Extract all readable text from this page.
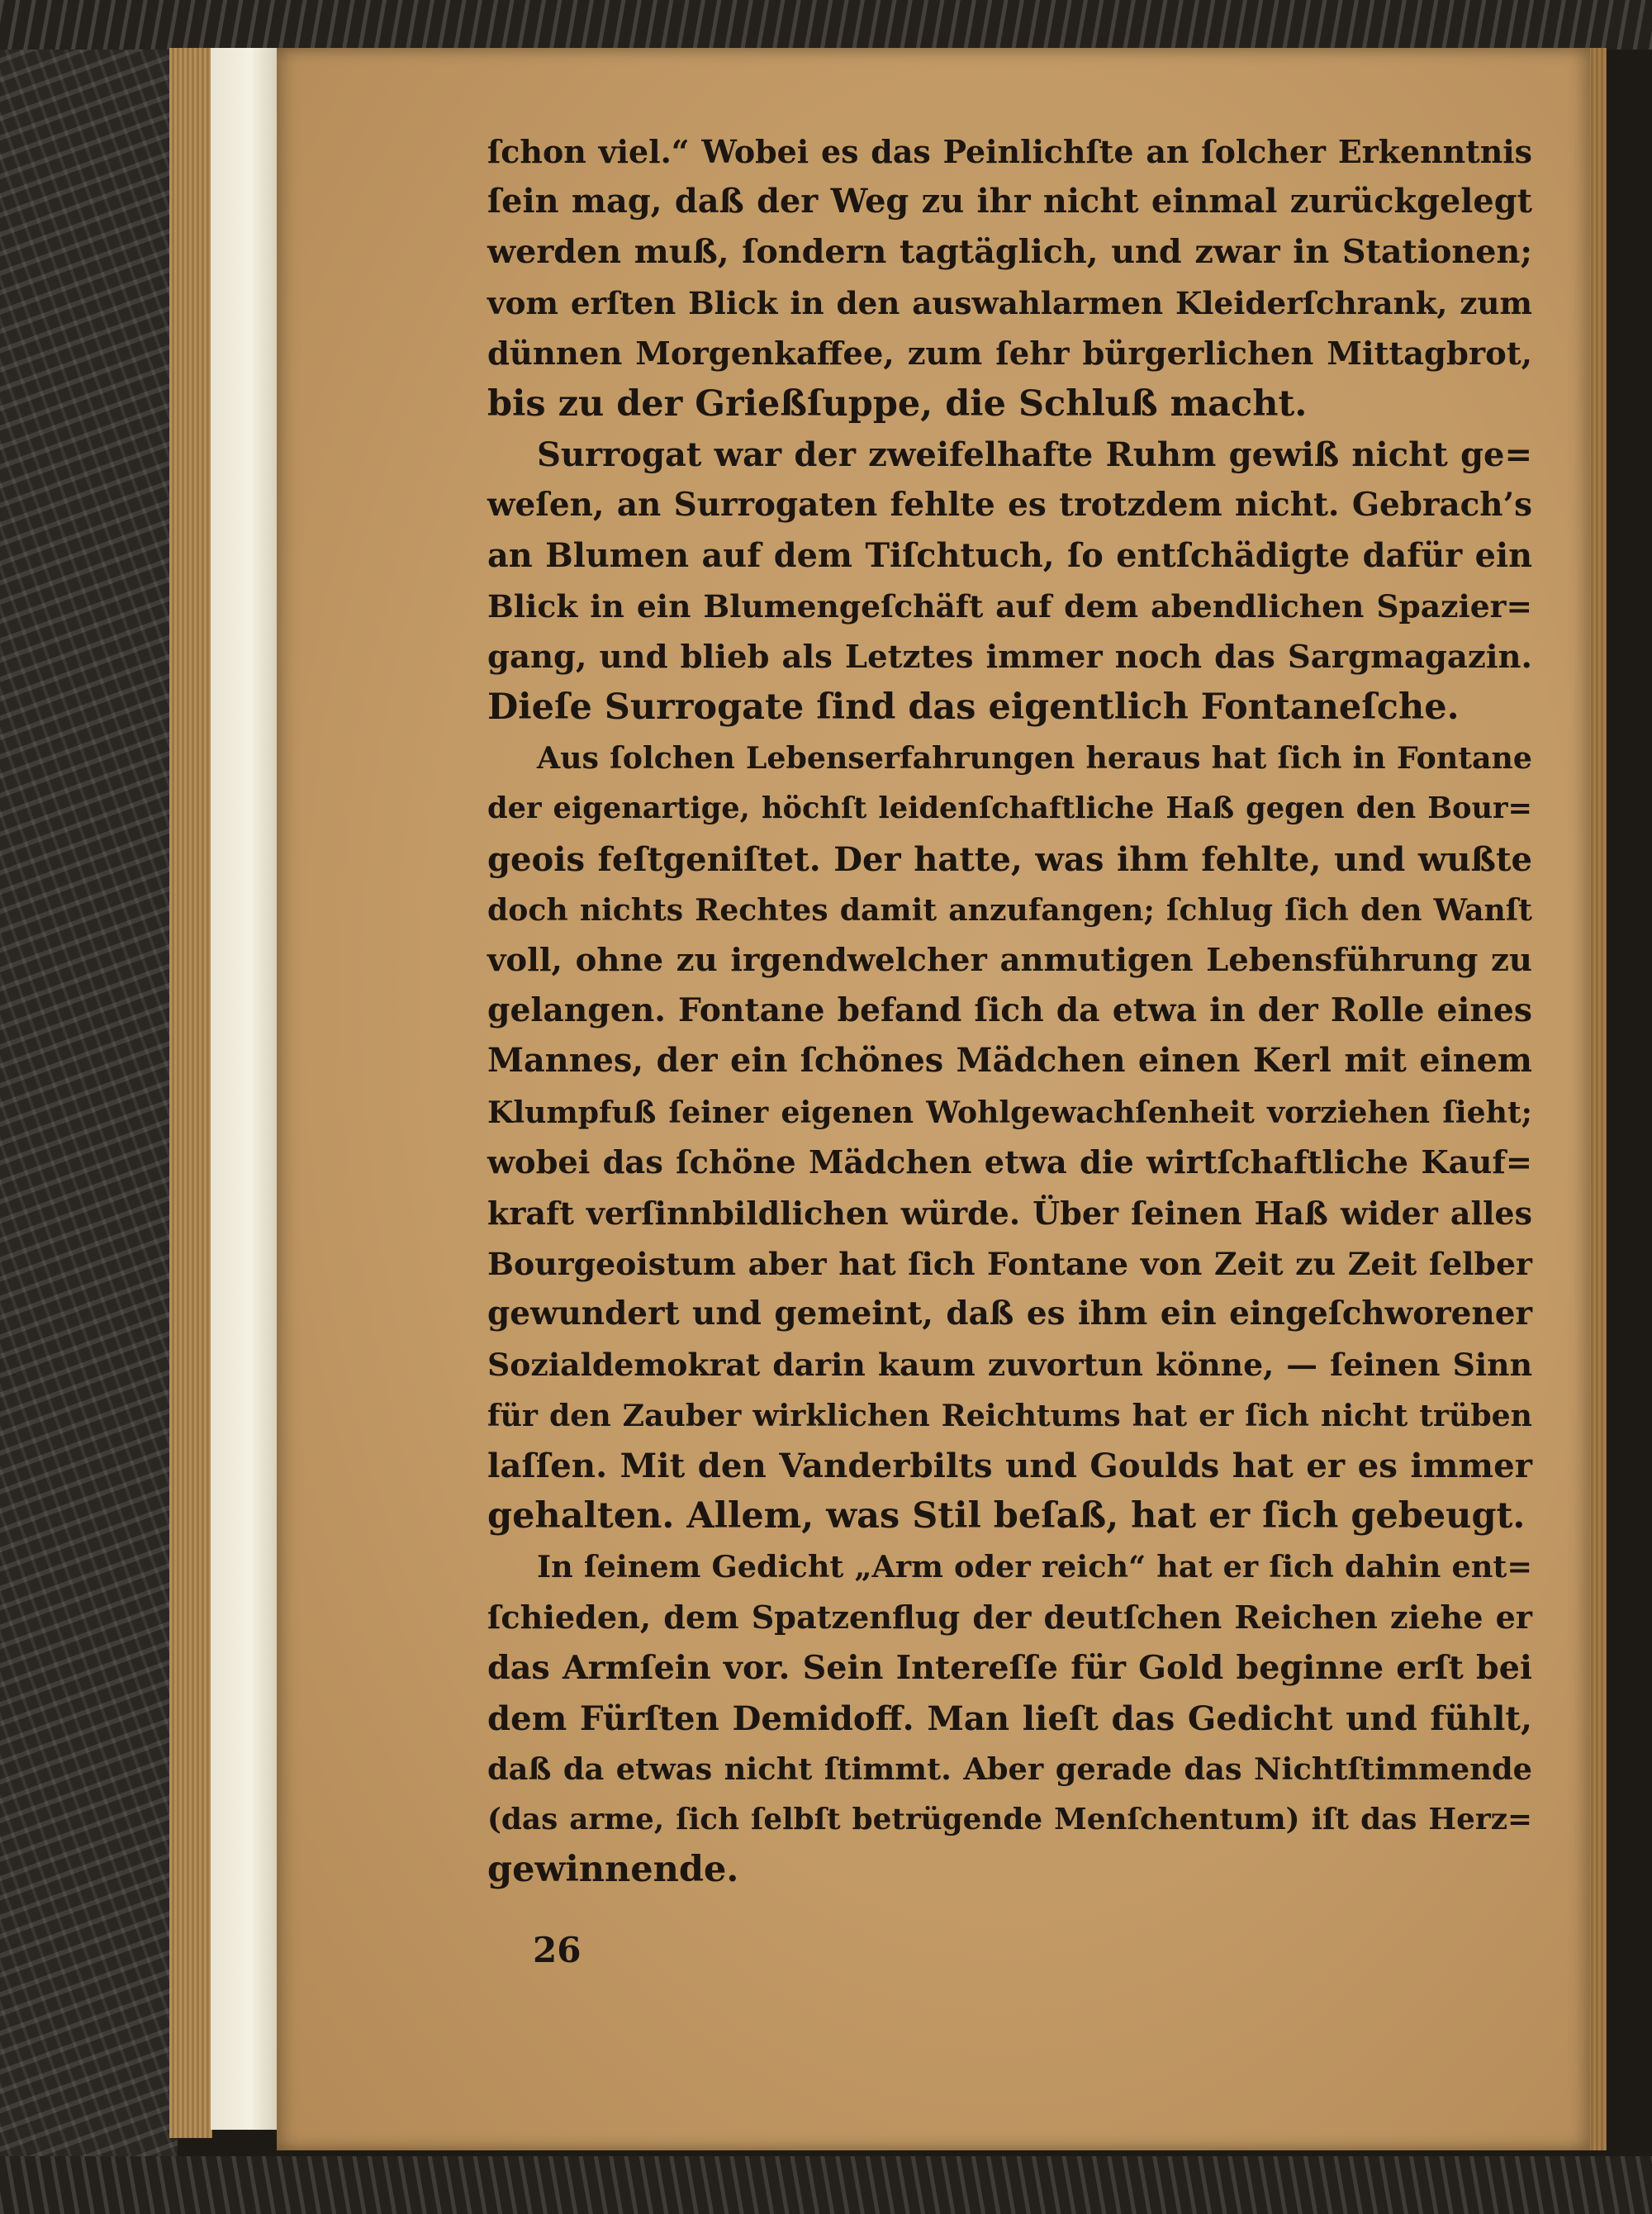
ſchon viel.“ Wobei es das Peinlichſte an ſolcher Erkenntnis
ſein mag, daß der Weg zu ihr nicht einmal zurückgelegt
werden muß, ſondern tagtäglich, und zwar in Stationen;
vom erſten Blick in den auswahlarmen Kleiderſchrank, zum
dünnen Morgenkaffee, zum ſehr bürgerlichen Mittagbrot,
bis zu der Grießſuppe, die Schluß macht.
Surrogat war der zweifelhafte Ruhm gewiß nicht ge=
weſen, an Surrogaten fehlte es trotzdem nicht. Gebrach’s
an Blumen auf dem Tiſchtuch, ſo entſchädigte dafür ein
Blick in ein Blumengeſchäft auf dem abendlichen Spazier=
gang, und blieb als Letztes immer noch das Sargmagazin.
Dieſe Surrogate ſind das eigentlich Fontaneſche.
Aus ſolchen Lebenserfahrungen heraus hat ſich in Fontane
der eigenartige, höchſt leidenſchaftliche Haß gegen den Bour=
geois feſtgeniſtet. Der hatte, was ihm fehlte, und wußte
doch nichts Rechtes damit anzufangen; ſchlug ſich den Wanſt
voll, ohne zu irgendwelcher anmutigen Lebensführung zu
gelangen. Fontane befand ſich da etwa in der Rolle eines
Mannes, der ein ſchönes Mädchen einen Kerl mit einem
Klumpfuß ſeiner eigenen Wohlgewachſenheit vorziehen ſieht;
wobei das ſchöne Mädchen etwa die wirtſchaftliche Kauf=
kraft verſinnbildlichen würde. Über ſeinen Haß wider alles
Bourgeoistum aber hat ſich Fontane von Zeit zu Zeit ſelber
gewundert und gemeint, daß es ihm ein eingeſchworener
Sozialdemokrat darin kaum zuvortun könne, — ſeinen Sinn
für den Zauber wirklichen Reichtums hat er ſich nicht trüben
laſſen. Mit den Vanderbilts und Goulds hat er es immer
gehalten. Allem, was Stil beſaß, hat er ſich gebeugt.
In ſeinem Gedicht „Arm oder reich“ hat er ſich dahin ent=
ſchieden, dem Spatzenflug der deutſchen Reichen ziehe er
das Armſein vor. Sein Intereſſe für Gold beginne erſt bei
dem Fürſten Demidoff. Man lieſt das Gedicht und fühlt,
daß da etwas nicht ſtimmt. Aber gerade das Nichtſtimmende
(das arme, ſich ſelbſt betrügende Menſchentum) iſt das Herz=
gewinnende.
26
